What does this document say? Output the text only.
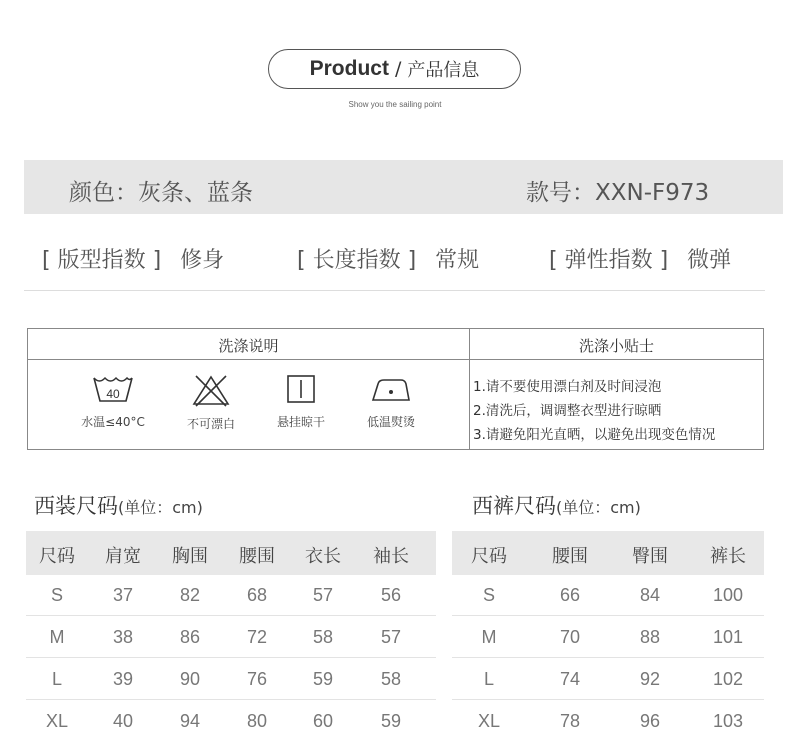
Product / 产品信息
Show you the sailing point
颜色：灰条、蓝条	款号：XXN-F973
[ 版型指数 ] 修身	[ 长度指数 ] 常规	[ 弹性指数 ] 微弹
洗涤说明	洗涤小贴士
40
水温≤40°C	不可漂白	悬挂晾干	低温熨烫
1.请不要使用漂白剂及时间浸泡
2.清洗后，调调整衣型进行晾晒
3.请避免阳光直晒，以避免出现变色情况
西装尺码(单位：cm)	西裤尺码(单位：cm)
尺码	肩宽	胸围	腰围	衣长	袖长
S	37	82	68	57	56
M	38	86	72	58	57
L	39	90	76	59	58
XL	40	94	80	60	59
尺码	腰围	臀围	裤长
S	66	84	100
M	70	88	101
L	74	92	102
XL	78	96	103
